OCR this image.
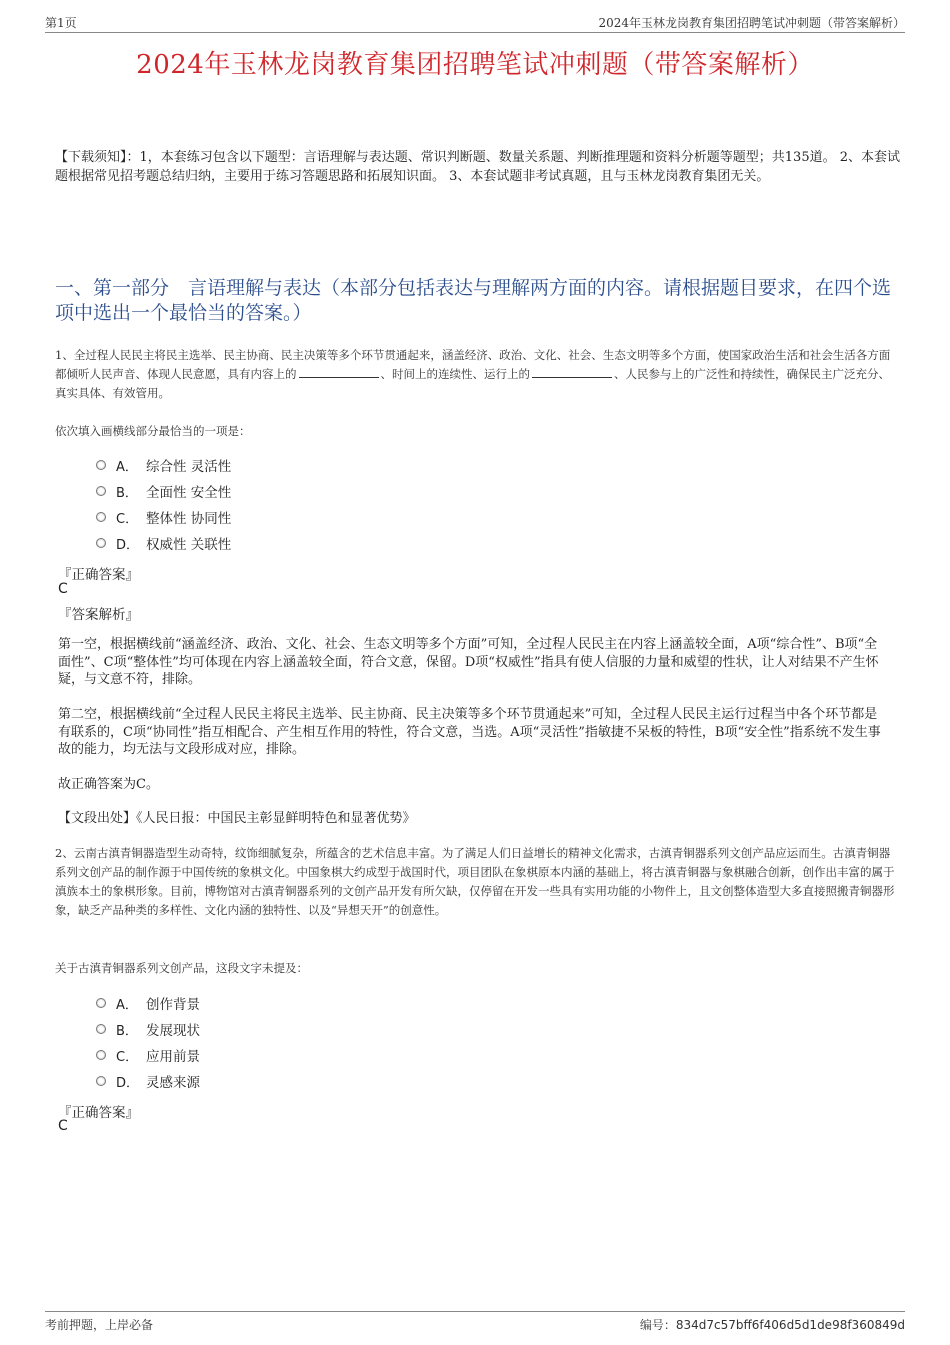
第1页	2024年玉林龙岗教育集团招聘笔试冲刺题（带答案解析）
2024年玉林龙岗教育集团招聘笔试冲刺题（带答案解析）
【下载须知】：1，本套练习包含以下题型：言语理解与表达题、常识判断题、数量关系题、判断推理题和资料分析题等题型；共135道。 2、本套试题根据常见招考题总结归纳，主要用于练习答题思路和拓展知识面。 3、本套试题非考试真题，且与玉林龙岗教育集团无关。
一、第一部分　言语理解与表达（本部分包括表达与理解两方面的内容。请根据题目要求，在四个选项中选出一个最恰当的答案。）
1、全过程人民民主将民主选举、民主协商、民主决策等多个环节贯通起来，涵盖经济、政治、文化、社会、生态文明等多个方面，使国家政治生活和社会生活各方面都倾听人民声音、体现人民意愿，具有内容上的	、时间上的连续性、运行上的	、人民参与上的广泛性和持续性，确保民主广泛充分、真实具体、有效管用。
依次填入画横线部分最恰当的一项是：
A． 综合性 灵活性
B． 全面性 安全性
C． 整体性 协同性
D． 权威性 关联性
『正确答案』
C
『答案解析』
第一空，根据横线前“涵盖经济、政治、文化、社会、生态文明等多个方面”可知，全过程人民民主在内容上涵盖较全面，A项“综合性”、B项“全面性”、C项“整体性”均可体现在内容上涵盖较全面，符合文意，保留。D项“权威性”指具有使人信服的力量和威望的性状，让人对结果不产生怀疑，与文意不符，排除。
第二空，根据横线前“全过程人民民主将民主选举、民主协商、民主决策等多个环节贯通起来”可知，全过程人民民主运行过程当中各个环节都是有联系的，C项“协同性”指互相配合、产生相互作用的特性，符合文意，当选。A项“灵活性”指敏捷不呆板的特性，B项“安全性”指系统不发生事故的能力，均无法与文段形成对应，排除。
故正确答案为C。
【文段出处】《人民日报：中国民主彰显鲜明特色和显著优势》
2、云南古滇青铜器造型生动奇特，纹饰细腻复杂，所蕴含的艺术信息丰富。为了满足人们日益增长的精神文化需求，古滇青铜器系列文创产品应运而生。古滇青铜器系列文创产品的制作源于中国传统的象棋文化。中国象棋大约成型于战国时代，项目团队在象棋原本内涵的基础上，将古滇青铜器与象棋融合创新，创作出丰富的属于滇族本土的象棋形象。目前，博物馆对古滇青铜器系列的文创产品开发有所欠缺，仅停留在开发一些具有实用功能的小物件上，且文创整体造型大多直接照搬青铜器形象，缺乏产品种类的多样性、文化内涵的独特性、以及“异想天开”的创意性。
关于古滇青铜器系列文创产品，这段文字未提及：
A． 创作背景
B． 发展现状
C． 应用前景
D． 灵感来源
『正确答案』
C
考前押题，上岸必备	编号：834d7c57bff6f406d5d1de98f360849d
